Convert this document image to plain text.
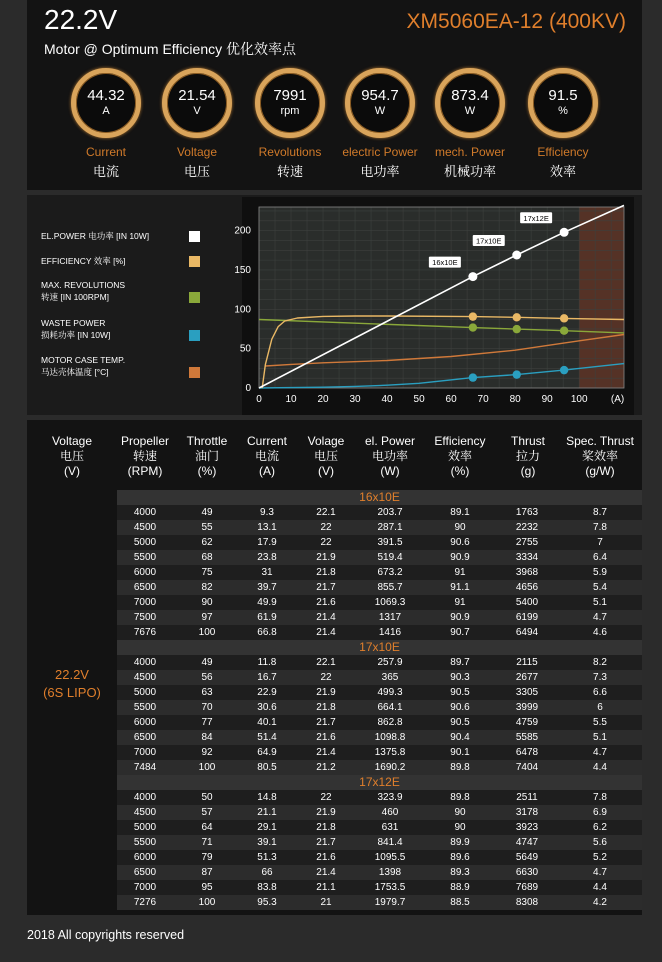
22.2V
Motor @ Optimum Efficiency 优化效率点
XM5060EA-12 (400KV)
44.32
A
Current
电流
21.54
V
Voltage
电压
7991
rpm
Revolutions
转速
954.7
W
electric Power
电功率
873.4
W
mech. Power
机械功率
91.5
%
Efficiency
效率
EL.POWER 电功率 [IN 10W]
EFFICIENCY 效率 [%]
MAX. REVOLUTIONS
转速 [IN 100RPM]
WASTE POWER
损耗功率 [IN 10W]
MOTOR CASE TEMP.
马达壳体温度 [°C]
0
50
100
150
200
0 10 20 30 40 50 60 70 80 90 100 (A)
16x10E
17x10E
17x12E
Voltage
电压
(V)
Propeller
转速
(RPM)
Throttle
油门
(%)
Current
电流
(A)
Volage
电压
(V)
el. Power
电功率
(W)
Efficiency
效率
(%)
Thrust
拉力
(g)
Spec. Thrust
桨效率
(g/W)
22.2V
(6S LIPO)
16x10E
4000	49	9.3	22.1	203.7	89.1	1763	8.7
4500	55	13.1	22	287.1	90	2232	7.8
5000	62	17.9	22	391.5	90.6	2755	7
5500	68	23.8	21.9	519.4	90.9	3334	6.4
6000	75	31	21.8	673.2	91	3968	5.9
6500	82	39.7	21.7	855.7	91.1	4656	5.4
7000	90	49.9	21.6	1069.3	91	5400	5.1
7500	97	61.9	21.4	1317	90.9	6199	4.7
7676	100	66.8	21.4	1416	90.7	6494	4.6
17x10E
4000	49	11.8	22.1	257.9	89.7	2115	8.2
4500	56	16.7	22	365	90.3	2677	7.3
5000	63	22.9	21.9	499.3	90.5	3305	6.6
5500	70	30.6	21.8	664.1	90.6	3999	6
6000	77	40.1	21.7	862.8	90.5	4759	5.5
6500	84	51.4	21.6	1098.8	90.4	5585	5.1
7000	92	64.9	21.4	1375.8	90.1	6478	4.7
7484	100	80.5	21.2	1690.2	89.8	7404	4.4
17x12E
4000	50	14.8	22	323.9	89.8	2511	7.8
4500	57	21.1	21.9	460	90	3178	6.9
5000	64	29.1	21.8	631	90	3923	6.2
5500	71	39.1	21.7	841.4	89.9	4747	5.6
6000	79	51.3	21.6	1095.5	89.6	5649	5.2
6500	87	66	21.4	1398	89.3	6630	4.7
7000	95	83.8	21.1	1753.5	88.9	7689	4.4
7276	100	95.3	21	1979.7	88.5	8308	4.2
2018 All copyrights reserved
